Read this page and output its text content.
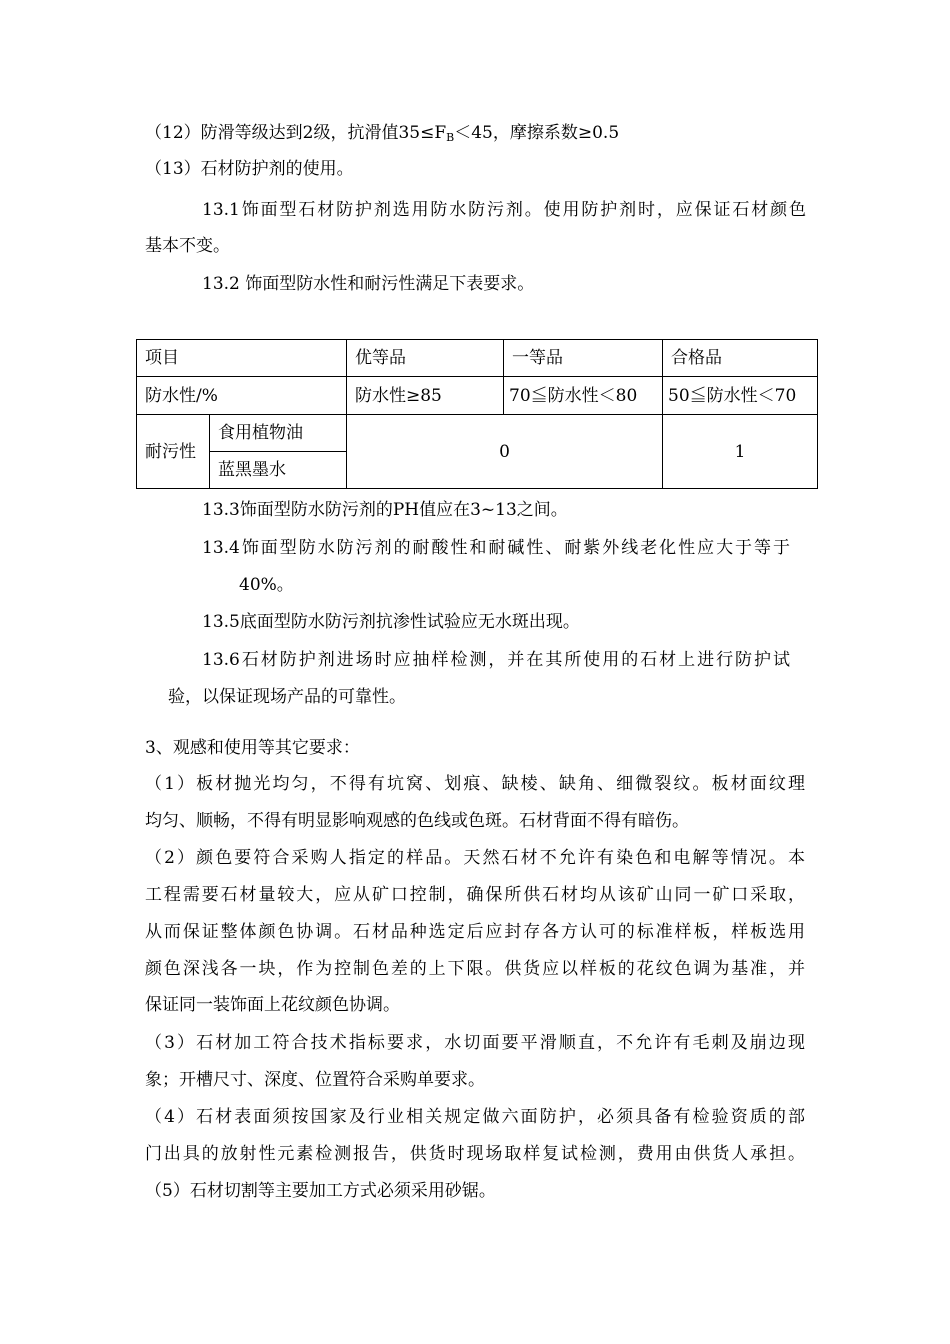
（12）防滑等级达到2级，抗滑值$35\le F_B<45$，摩擦系数≥0.5
（13）石材防护剂的使用。
13.1饰面型石材防护剂选用防水防污剂。使用防护剂时，应保证石材颜色
基本不变。
13.2 饰面型防水性和耐污性满足下表要求。
项目		优等品	一等品	合格品
防水性/%		防水性≥85	70≦防水性＜80	50≦防水性＜70
耐污性	食用植物油	0		1
	蓝黑墨水			
13.3饰面型防水防污剂的PH值应在3~13之间。
13.4饰面型防水防污剂的耐酸性和耐碱性、耐紫外线老化性应大于等于
40%。
13.5底面型防水防污剂抗渗性试验应无水斑出现。
13.6石材防护剂进场时应抽样检测，并在其所使用的石材上进行防护试
验，以保证现场产品的可靠性。
3、观感和使用等其它要求：
（1）板材抛光均匀，不得有坑窝、划痕、缺棱、缺角、细微裂纹。板材面纹理
均匀、顺畅，不得有明显影响观感的色线或色斑。石材背面不得有暗伤。
（2）颜色要符合采购人指定的样品。天然石材不允许有染色和电解等情况。本
工程需要石材量较大，应从矿口控制，确保所供石材均从该矿山同一矿口采取，
从而保证整体颜色协调。石材品种选定后应封存各方认可的标准样板，样板选用
颜色深浅各一块，作为控制色差的上下限。供货应以样板的花纹色调为基准，并
保证同一装饰面上花纹颜色协调。
（3）石材加工符合技术指标要求，水切面要平滑顺直，不允许有毛刺及崩边现
象；开槽尺寸、深度、位置符合采购单要求。
（4）石材表面须按国家及行业相关规定做六面防护，必须具备有检验资质的部
门出具的放射性元素检测报告，供货时现场取样复试检测，费用由供货人承担。
（5）石材切割等主要加工方式必须采用砂锯。
